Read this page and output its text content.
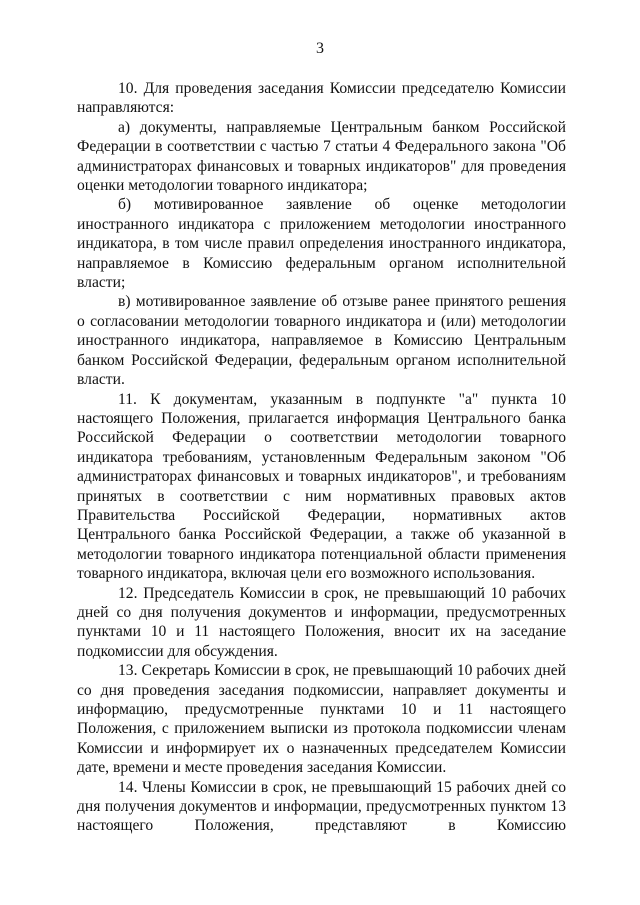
3

10. Для проведения заседания Комиссии председателю Комиссии направляются:

а) документы, направляемые Центральным банком Российской Федерации в соответствии с частью 7 статьи 4 Федерального закона "Об администраторах финансовых и товарных индикаторов" для проведения оценки методологии товарного индикатора;

б) мотивированное заявление об оценке методологии иностранного индикатора с приложением методологии иностранного индикатора, в том числе правил определения иностранного индикатора, направляемое в Комиссию федеральным органом исполнительной власти;

в) мотивированное заявление об отзыве ранее принятого решения о согласовании методологии товарного индикатора и (или) методологии иностранного индикатора, направляемое в Комиссию Центральным банком Российской Федерации, федеральным органом исполнительной власти.

11. К документам, указанным в подпункте "а" пункта 10 настоящего Положения, прилагается информация Центрального банка Российской Федерации о соответствии методологии товарного индикатора требованиям, установленным Федеральным законом "Об администраторах финансовых и товарных индикаторов", и требованиям принятых в соответствии с ним нормативных правовых актов Правительства Российской Федерации, нормативных актов Центрального банка Российской Федерации, а также об указанной в методологии товарного индикатора потенциальной области применения товарного индикатора, включая цели его возможного использования.

12. Председатель Комиссии в срок, не превышающий 10 рабочих дней со дня получения документов и информации, предусмотренных пунктами 10 и 11 настоящего Положения, вносит их на заседание подкомиссии для обсуждения.

13. Секретарь Комиссии в срок, не превышающий 10 рабочих дней со дня проведения заседания подкомиссии, направляет документы и информацию, предусмотренные пунктами 10 и 11 настоящего Положения, с приложением выписки из протокола подкомиссии членам Комиссии и информирует их о назначенных председателем Комиссии дате, времени и месте проведения заседания Комиссии.

14. Члены Комиссии в срок, не превышающий 15 рабочих дней со дня получения документов и информации, предусмотренных пунктом 13 настоящего Положения, представляют в Комиссию
